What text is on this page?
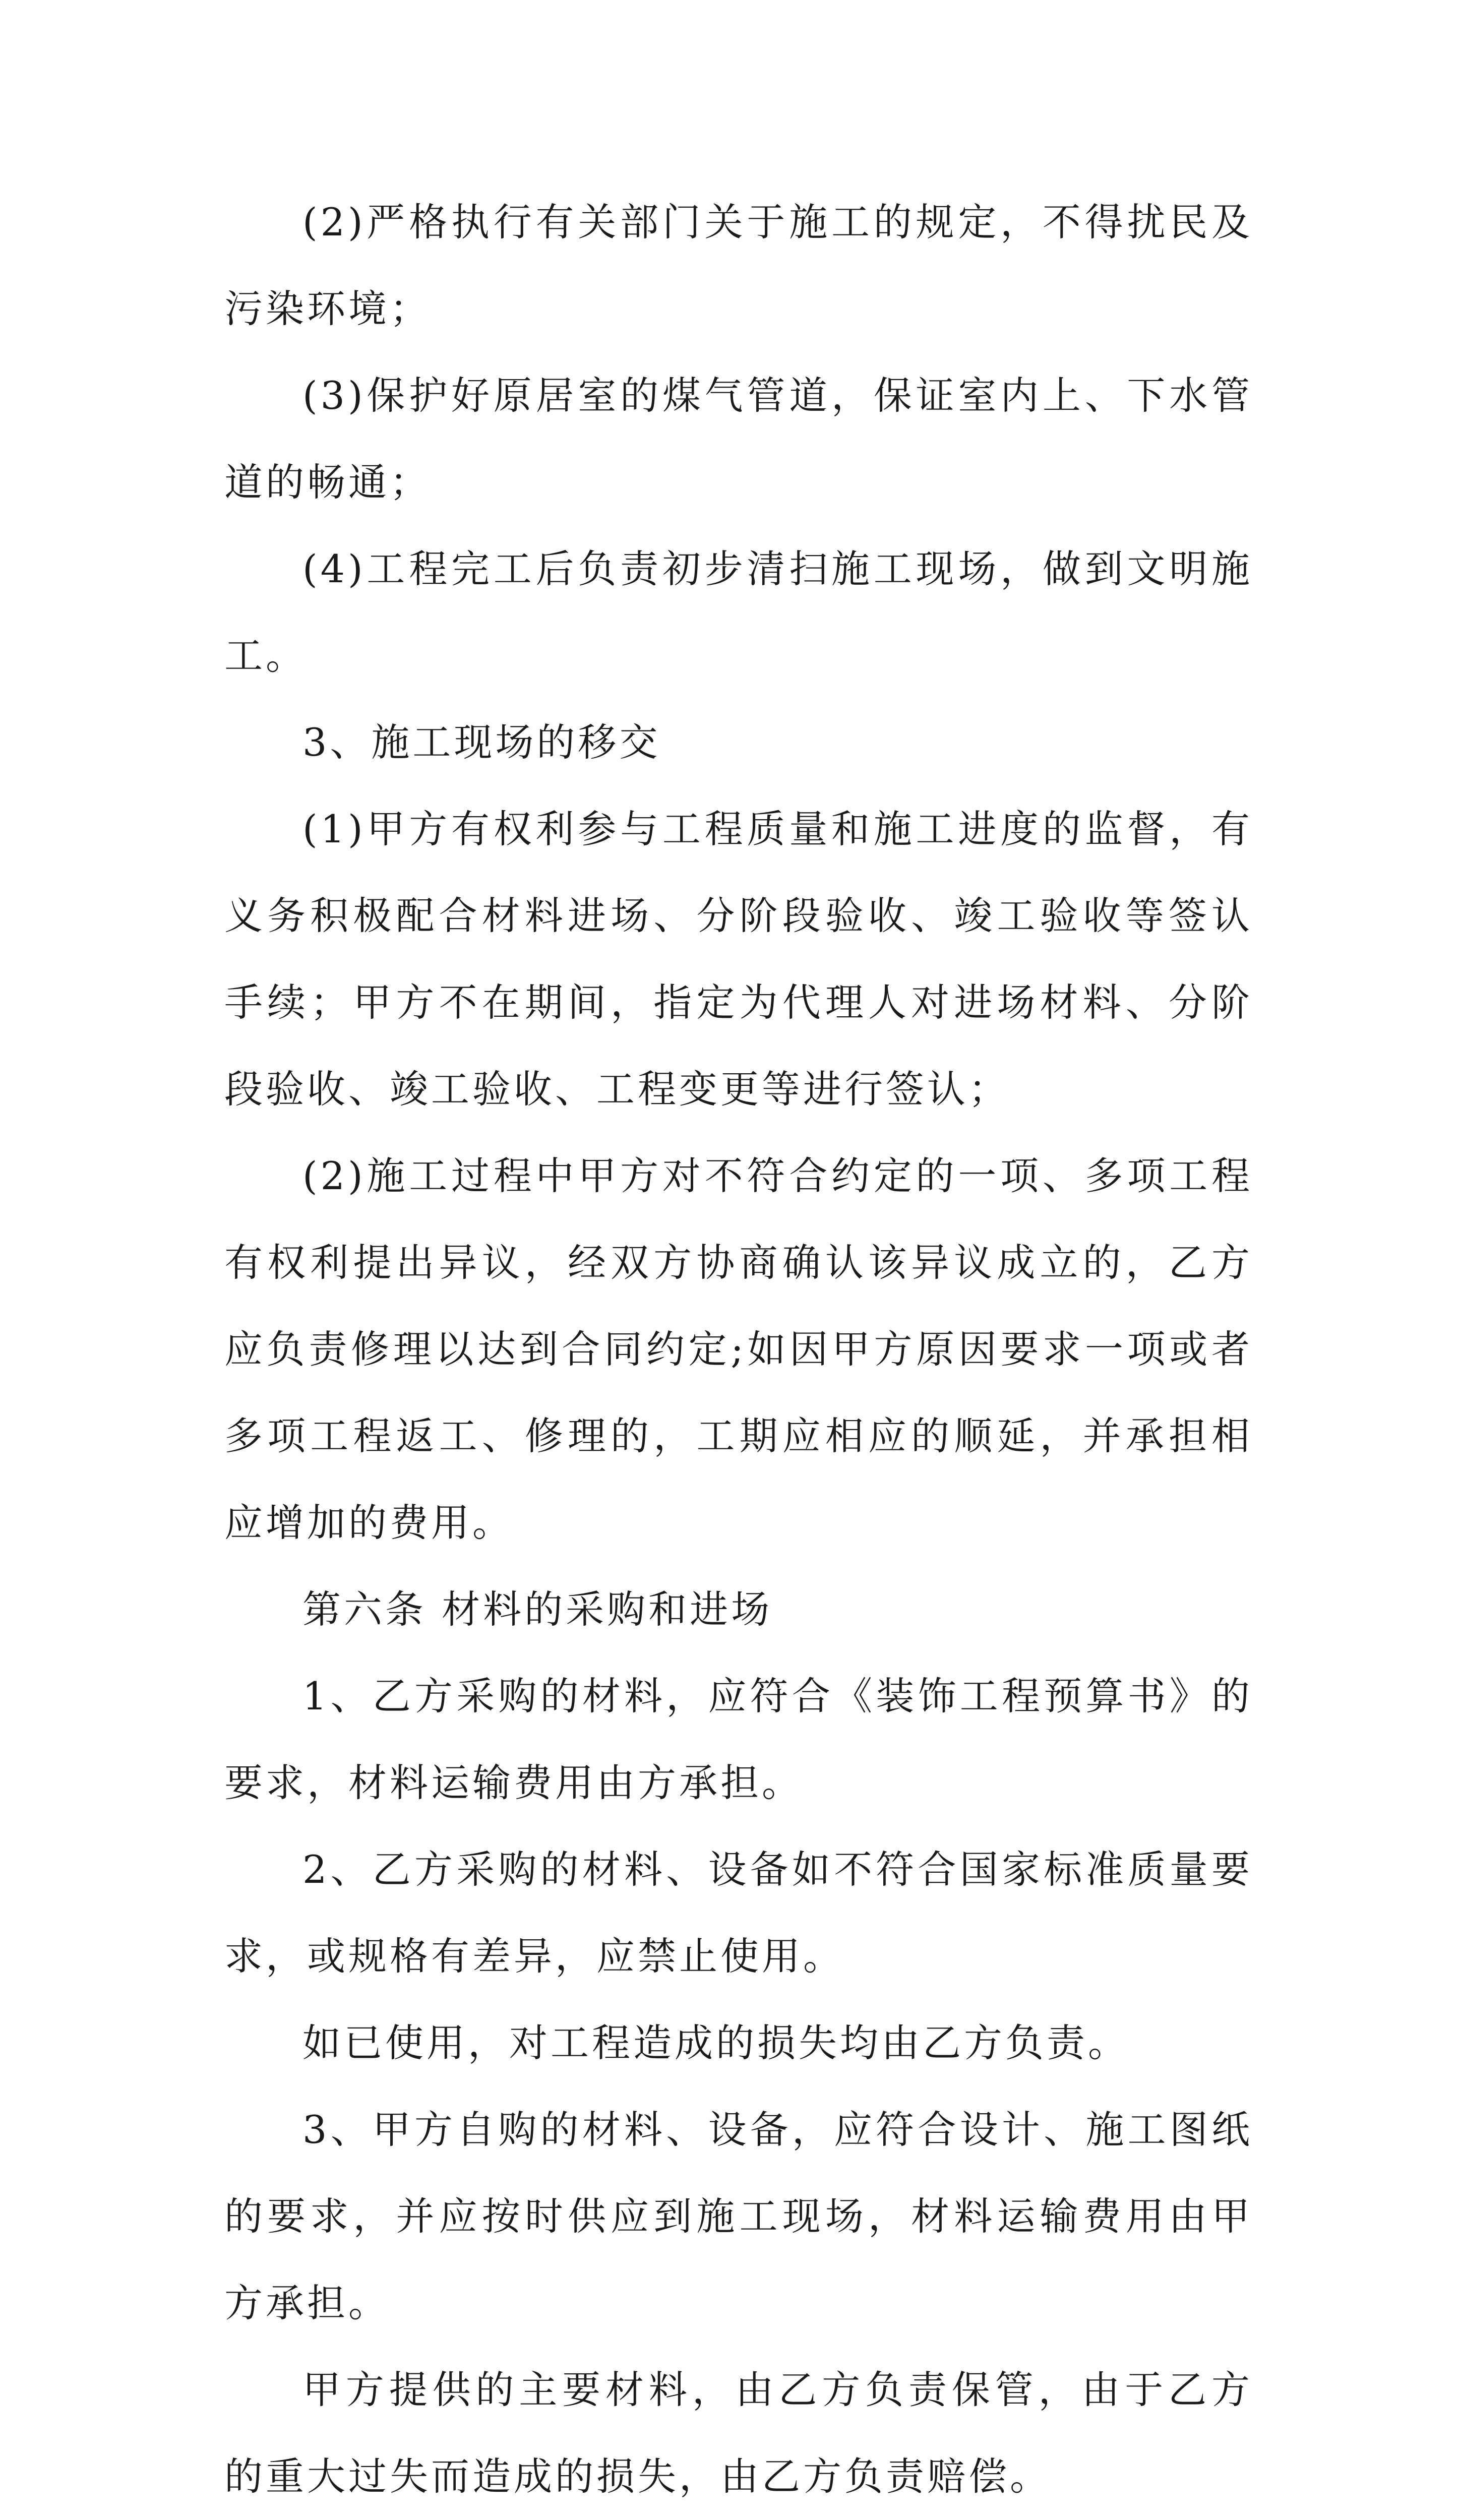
(2)严格执行有关部门关于施工的规定，不得扰民及污染环境；

(3)保护好原居室的煤气管道，保证室内上、下水管道的畅通；

(4)工程完工后负责初步清扫施工现场，做到文明施工。

3、施工现场的移交

(1)甲方有权利参与工程质量和施工进度的监督，有义务积极配合材料进场、分阶段验收、竣工验收等签认手续；甲方不在期间，指定为代理人对进场材料、分阶段验收、竣工验收、工程变更等进行签认；

(2)施工过程中甲方对不符合约定的一项、多项工程有权利提出异议，经双方协商确认该异议成立的，乙方应负责修理以达到合同约定;如因甲方原因要求一项或者多项工程返工、修理的，工期应相应的顺延，并承担相应增加的费用。

第六条 材料的采购和进场

1、乙方采购的材料，应符合《装饰工程预算书》的要求，材料运输费用由方承担。

2、乙方采购的材料、设备如不符合国家标准质量要求，或规格有差异，应禁止使用。

如已使用，对工程造成的损失均由乙方负责。

3、甲方自购的材料、设备，应符合设计、施工图纸的要求，并应按时供应到施工现场，材料运输费用由甲方承担。

甲方提供的主要材料，由乙方负责保管，由于乙方的重大过失而造成的损失，由乙方负责赔偿。
